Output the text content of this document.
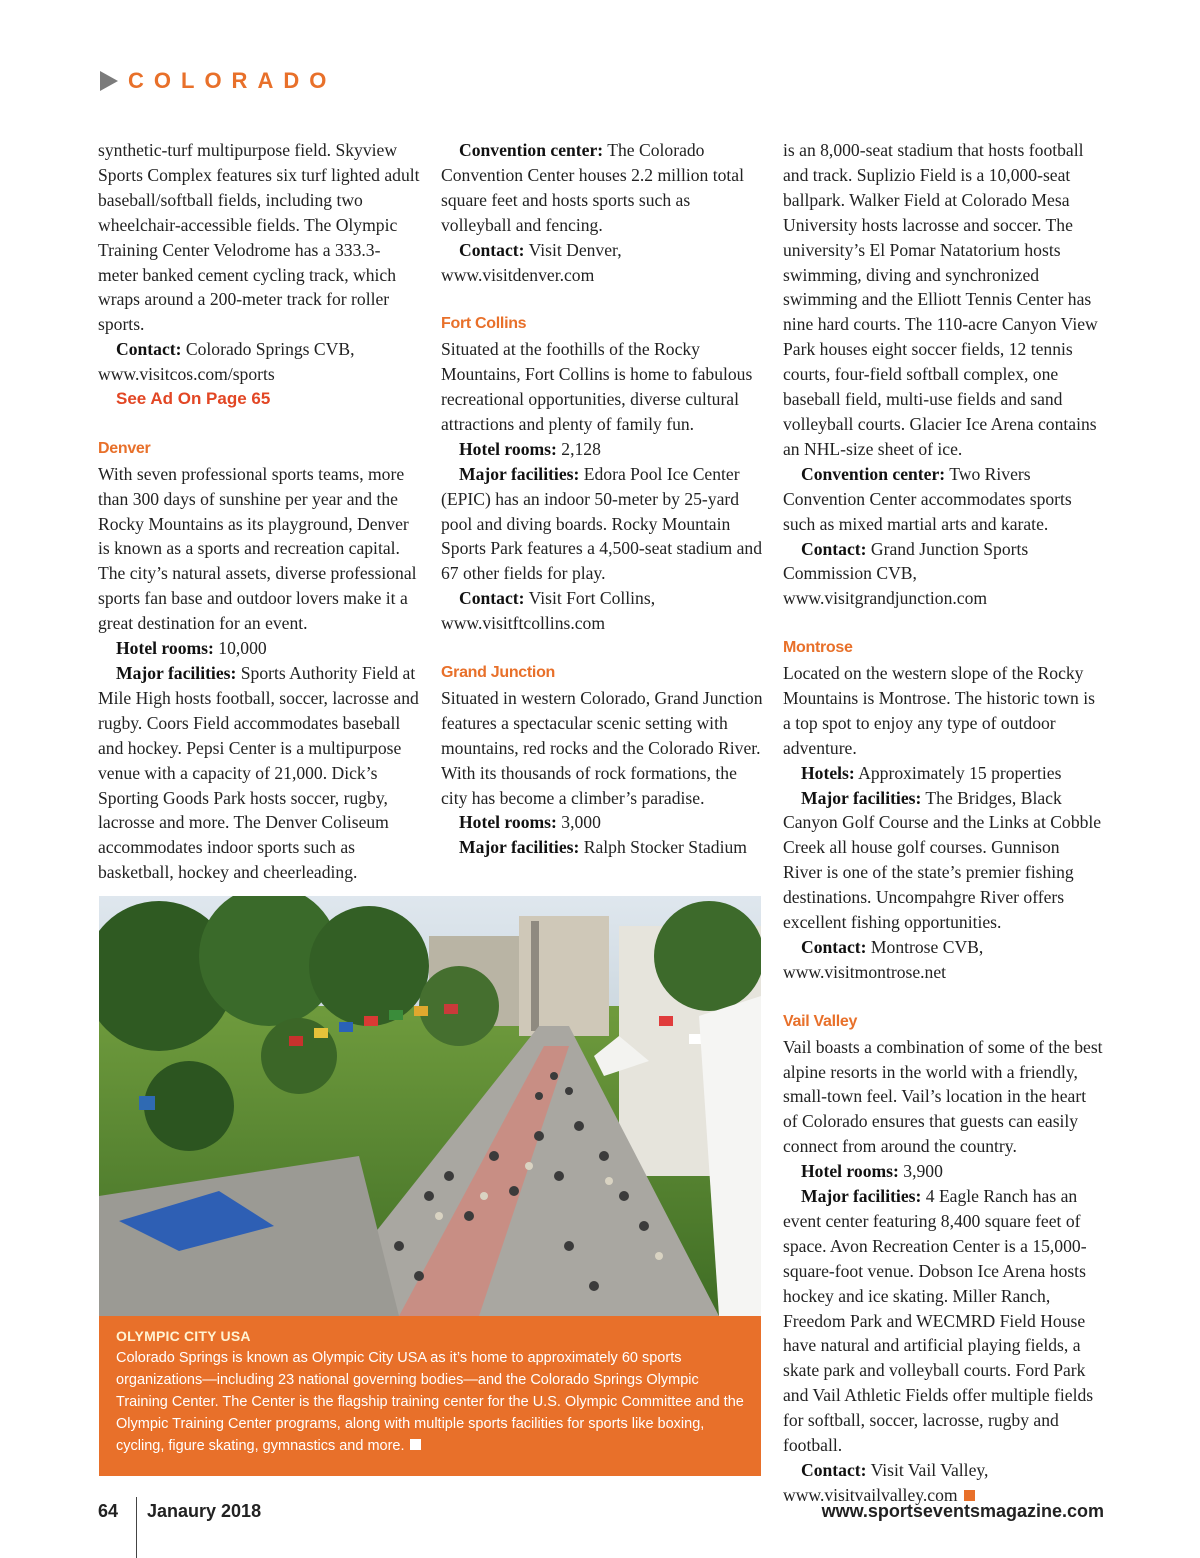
COLORADO

synthetic-turf multipurpose field. Skyview Sports Complex features six turf lighted adult baseball/softball fields, including two wheelchair-accessible fields. The Olympic Training Center Velodrome has a 333.3-meter banked cement cycling track, which wraps around a 200-meter track for roller sports.

Contact: Colorado Springs CVB, www.visitcos.com/sports

See Ad On Page 65

Denver

With seven professional sports teams, more than 300 days of sunshine per year and the Rocky Mountains as its playground, Denver is known as a sports and recreation capital. The city’s natural assets, diverse professional sports fan base and outdoor lovers make it a great destination for an event.

Hotel rooms: 10,000

Major facilities: Sports Authority Field at Mile High hosts football, soccer, lacrosse and rugby. Coors Field accommodates baseball and hockey. Pepsi Center is a multipurpose venue with a capacity of 21,000. Dick’s Sporting Goods Park hosts soccer, rugby, lacrosse and more. The Denver Coliseum accommodates indoor sports such as basketball, hockey and cheerleading.

Convention center: The Colorado Convention Center houses 2.2 million total square feet and hosts sports such as volleyball and fencing.

Contact: Visit Denver, www.visitdenver.com

Fort Collins

Situated at the foothills of the Rocky Mountains, Fort Collins is home to fabulous recreational opportunities, diverse cultural attractions and plenty of family fun.

Hotel rooms: 2,128

Major facilities: Edora Pool Ice Center (EPIC) has an indoor 50-meter by 25-yard pool and diving boards. Rocky Mountain Sports Park features a 4,500-seat stadium and 67 other fields for play.

Contact: Visit Fort Collins, www.visitftcollins.com

Grand Junction

Situated in western Colorado, Grand Junction features a spectacular scenic setting with mountains, red rocks and the Colorado River. With its thousands of rock formations, the city has become a climber’s paradise.

Hotel rooms: 3,000

Major facilities: Ralph Stocker Stadium

is an 8,000-seat stadium that hosts football and track. Suplizio Field is a 10,000-seat ballpark. Walker Field at Colorado Mesa University hosts lacrosse and soccer. The university’s El Pomar Natatorium hosts swimming, diving and synchronized swimming and the Elliott Tennis Center has nine hard courts. The 110-acre Canyon View Park houses eight soccer fields, 12 tennis courts, four-field softball complex, one baseball field, multi-use fields and sand volleyball courts. Glacier Ice Arena contains an NHL-size sheet of ice.

Convention center: Two Rivers Convention Center accommodates sports such as mixed martial arts and karate.

Contact: Grand Junction Sports Commission CVB, www.visitgrandjunction.com

Montrose

Located on the western slope of the Rocky Mountains is Montrose. The historic town is a top spot to enjoy any type of outdoor adventure.

Hotels: Approximately 15 properties

Major facilities: The Bridges, Black Canyon Golf Course and the Links at Cobble Creek all house golf courses. Gunnison River is one of the state’s premier fishing destinations. Uncompahgre River offers excellent fishing opportunities.

Contact: Montrose CVB, www.visitmontrose.net

Vail Valley

Vail boasts a combination of some of the best alpine resorts in the world with a friendly, small-town feel. Vail’s location in the heart of Colorado ensures that guests can easily connect from around the country.

Hotel rooms: 3,900

Major facilities: 4 Eagle Ranch has an event center featuring 8,400 square feet of space. Avon Recreation Center is a 15,000-square-foot venue. Dobson Ice Arena hosts hockey and ice skating. Miller Ranch, Freedom Park and WECMRD Field House have natural and artificial playing fields, a skate park and volleyball courts. Ford Park and Vail Athletic Fields offer multiple fields for softball, soccer, lacrosse, rugby and football.

Contact: Visit Vail Valley, www.visitvailvalley.com

OLYMPIC CITY USA

Colorado Springs is known as Olympic City USA as it’s home to approximately 60 sports organizations—including 23 national governing bodies—and the Colorado Springs Olympic Training Center. The Center is the flagship training center for the U.S. Olympic Committee and the Olympic Training Center programs, along with multiple sports facilities for sports like boxing, cycling, figure skating, gymnastics and more.

64 Janaury 2018	www.sportseventsmagazine.com
